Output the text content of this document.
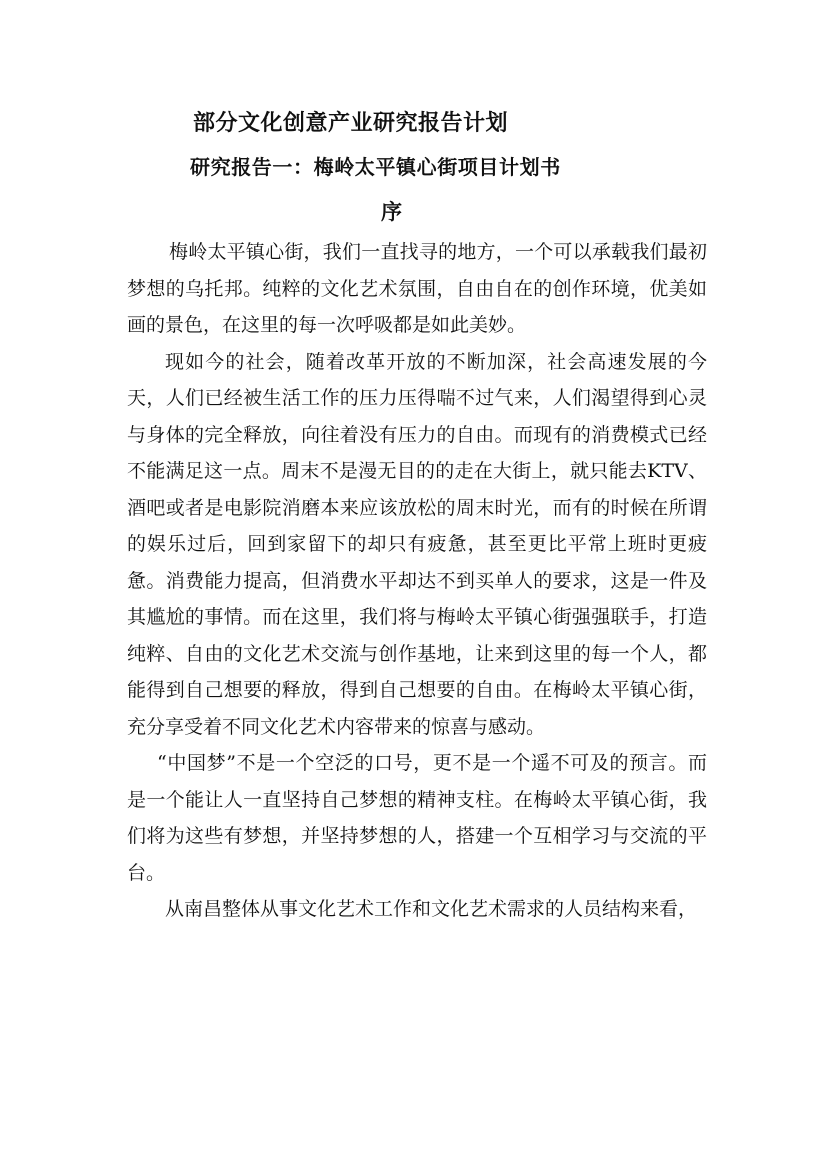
部分文化创意产业研究报告计划
研究报告一：梅岭太平镇心街项目计划书
序

梅岭太平镇心街，我们一直找寻的地方，一个可以承载我们最初梦想的乌托邦。纯粹的文化艺术氛围，自由自在的创作环境，优美如画的景色，在这里的每一次呼吸都是如此美妙。

现如今的社会，随着改革开放的不断加深，社会高速发展的今天，人们已经被生活工作的压力压得喘不过气来，人们渴望得到心灵与身体的完全释放，向往着没有压力的自由。而现有的消费模式已经不能满足这一点。周末不是漫无目的的走在大街上，就只能去KTV、酒吧或者是电影院消磨本来应该放松的周末时光，而有的时候在所谓的娱乐过后，回到家留下的却只有疲惫，甚至更比平常上班时更疲惫。消费能力提高，但消费水平却达不到买单人的要求，这是一件及其尴尬的事情。而在这里，我们将与梅岭太平镇心街强强联手，打造纯粹、自由的文化艺术交流与创作基地，让来到这里的每一个人，都能得到自己想要的释放，得到自己想要的自由。在梅岭太平镇心街，充分享受着不同文化艺术内容带来的惊喜与感动。

“中国梦”不是一个空泛的口号，更不是一个遥不可及的预言。而是一个能让人一直坚持自己梦想的精神支柱。在梅岭太平镇心街，我们将为这些有梦想，并坚持梦想的人，搭建一个互相学习与交流的平台。

从南昌整体从事文化艺术工作和文化艺术需求的人员结构来看，
